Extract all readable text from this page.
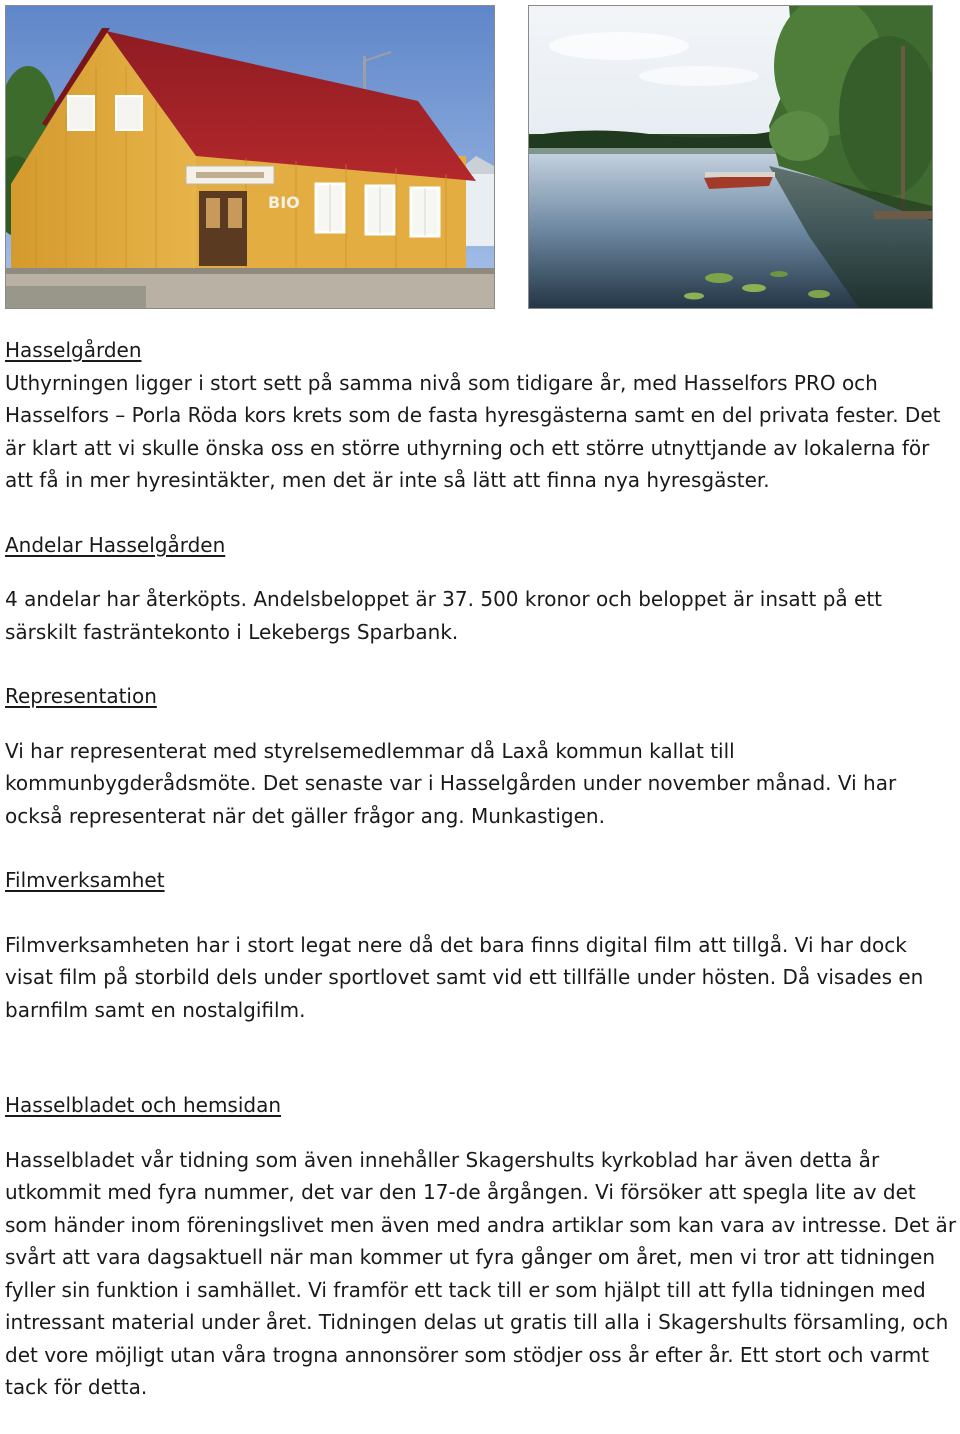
BIO

Hasselgården

Uthyrningen ligger i stort sett på samma nivå som tidigare år, med Hasselfors PRO och Hasselfors – Porla Röda kors krets som de fasta hyresgästerna samt en del privata fester. Det är klart att vi skulle önska oss en större uthyrning och ett större utnyttjande av lokalerna för att få in mer hyresintäkter, men det är inte så lätt att finna nya hyresgäster.

Andelar Hasselgården

4 andelar har återköpts. Andelsbeloppet är 37. 500 kronor och beloppet är insatt på ett särskilt fasträntekonto i Lekebergs Sparbank.

Representation

Vi har representerat med styrelsemedlemmar då Laxå kommun kallat till kommunbygderådsmöte. Det senaste var i Hasselgården under november månad. Vi har också representerat när det gäller frågor ang. Munkastigen.

Filmverksamhet

Filmverksamheten har i stort legat nere då det bara finns digital film att tillgå. Vi har dock visat film på storbild dels under sportlovet samt vid ett tillfälle under hösten. Då visades en barnfilm samt en nostalgifilm.

Hasselbladet och hemsidan

Hasselbladet vår tidning som även innehåller Skagershults kyrkoblad har även detta år utkommit med fyra nummer, det var den 17-de årgången. Vi försöker att spegla lite av det som händer inom föreningslivet men även med andra artiklar som kan vara av intresse. Det är svårt att vara dagsaktuell när man kommer ut fyra gånger om året, men vi tror att tidningen fyller sin funktion i samhället. Vi framför ett tack till er som hjälpt till att fylla tidningen med intressant material under året. Tidningen delas ut gratis till alla i Skagershults församling, och det vore möjligt utan våra trogna annonsörer som stödjer oss år efter år. Ett stort och varmt tack för detta.
